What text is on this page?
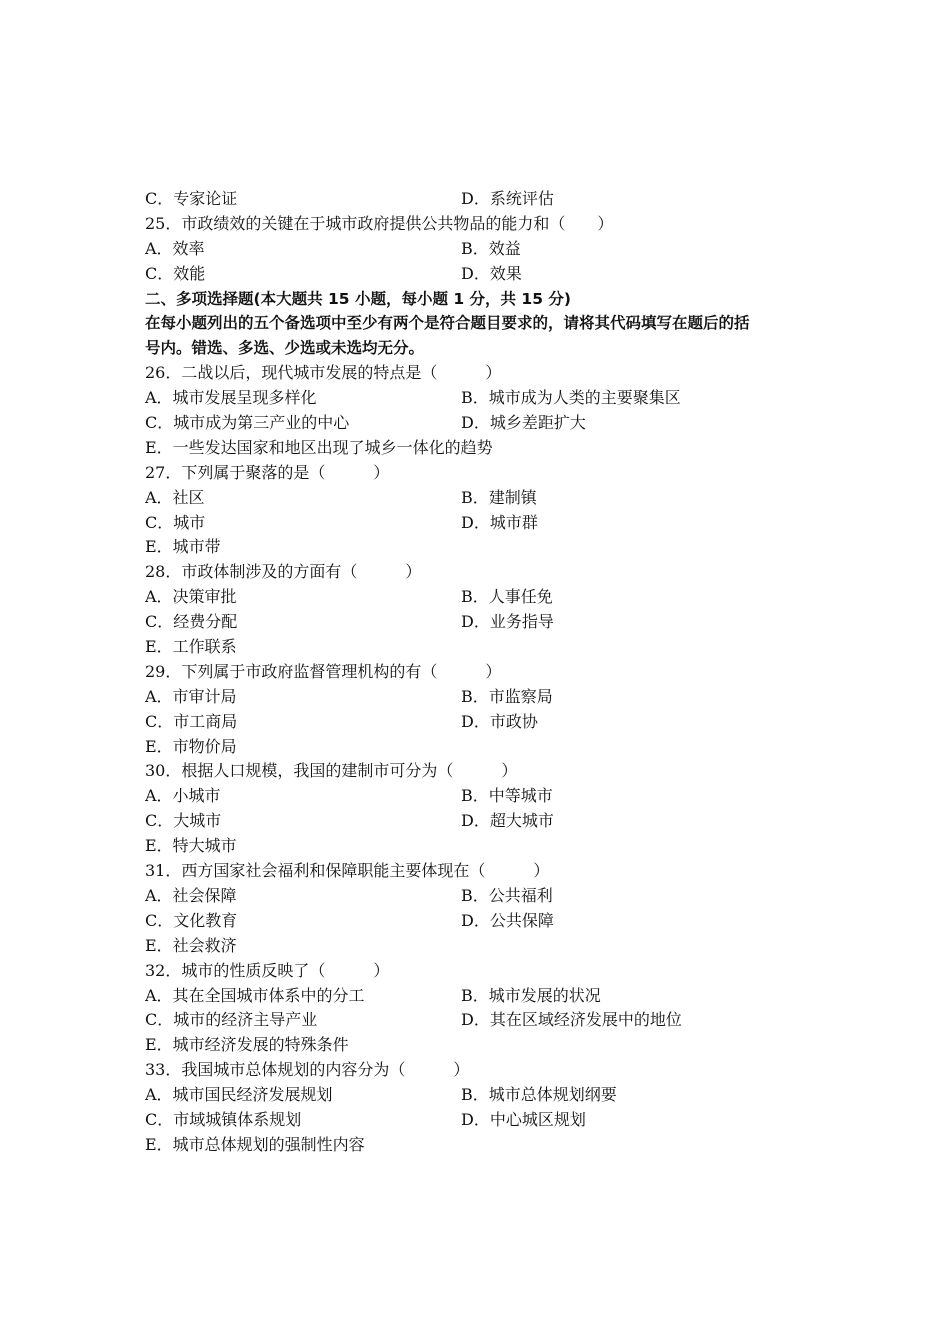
C．专家论证	D．系统评估
25．市政绩效的关键在于城市政府提供公共物品的能力和（　　）
A．效率	B．效益
C．效能	D．效果
二、多项选择题(本大题共 15 小题，每小题 1 分，共 15 分)
在每小题列出的五个备选项中至少有两个是符合题目要求的，请将其代码填写在题后的括
号内。错选、多选、少选或未选均无分。
26．二战以后，现代城市发展的特点是（　　　）
A．城市发展呈现多样化	B．城市成为人类的主要聚集区
C．城市成为第三产业的中心	D．城乡差距扩大
E．一些发达国家和地区出现了城乡一体化的趋势
27．下列属于聚落的是（　　　）
A．社区	B．建制镇
C．城市	D．城市群
E．城市带
28．市政体制涉及的方面有（　　　）
A．决策审批	B．人事任免
C．经费分配	D．业务指导
E．工作联系
29．下列属于市政府监督管理机构的有（　　　）
A．市审计局	B．市监察局
C．市工商局	D．市政协
E．市物价局
30．根据人口规模，我国的建制市可分为（　　　）
A．小城市	B．中等城市
C．大城市	D．超大城市
E．特大城市
31．西方国家社会福利和保障职能主要体现在（　　　）
A．社会保障	B．公共福利
C．文化教育	D．公共保障
E．社会救济
32．城市的性质反映了（　　　）
A．其在全国城市体系中的分工	B．城市发展的状况
C．城市的经济主导产业	D．其在区域经济发展中的地位
E．城市经济发展的特殊条件
33．我国城市总体规划的内容分为（　　　）
A．城市国民经济发展规划	B．城市总体规划纲要
C．市域城镇体系规划	D．中心城区规划
E．城市总体规划的强制性内容
